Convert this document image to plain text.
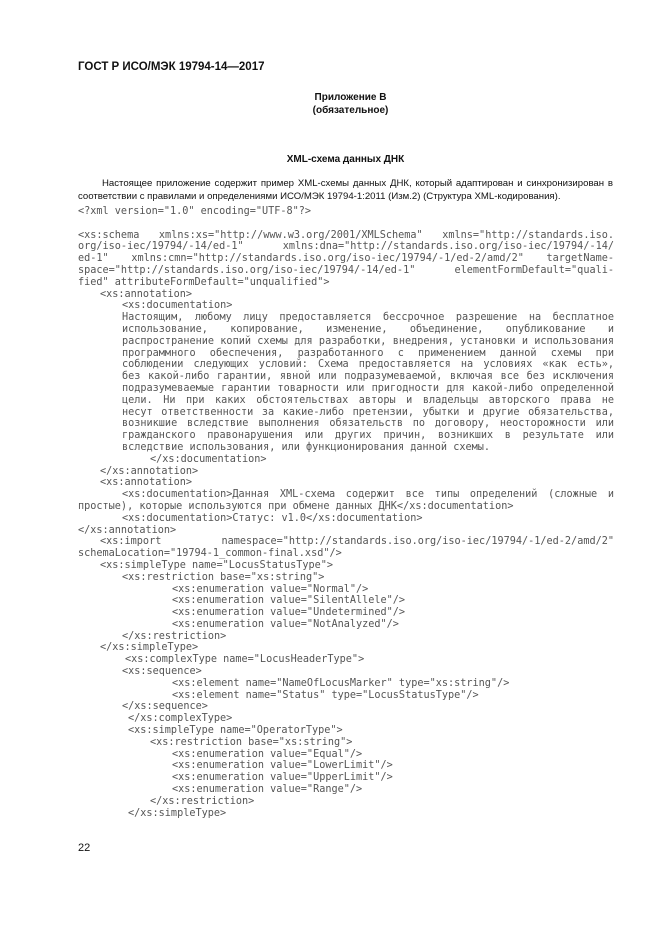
ГОСТ Р ИСО/МЭК 19794-14—2017
Приложение В
(обязательное)
XML-схема данных ДНК
Настоящее приложение содержит пример XML-схемы данных ДНК, который адаптирован и синхронизирован в соответствии с правилами и определениями ИСО/МЭК 19794-1:2011 (Изм.2) (Структура XML-кодирования).
<?xml version="1.0" encoding="UTF-8"?>
<xs:schema xmlns:xs="http://www.w3.org/2001/XMLSchema" xmlns="http://standards.iso.
org/iso-iec/19794/-14/ed-1" xmlns:dna="http://standards.iso.org/iso-iec/19794/-14/
ed-1" xmlns:cmn="http://standards.iso.org/iso-iec/19794/-1/ed-2/amd/2" targetName-
space="http://standards.iso.org/iso-iec/19794/-14/ed-1" elementFormDefault="quali-
fied" attributeFormDefault="unqualified">
<xs:annotation>
<xs:documentation>
Настоящим, любому лицу предоставляется бессрочное разрешение на бесплатное
использование, копирование, изменение, объединение, опубликование и
распространение копий схемы для разработки, внедрения, установки и использования
программного обеспечения, разработанного с применением данной схемы при
соблюдении следующих условий: Схема предоставляется на условиях «как есть»,
без какой-либо гарантии, явной или подразумеваемой, включая все без исключения
подразумеваемые гарантии товарности или пригодности для какой-либо определенной
цели. Ни при каких обстоятельствах авторы и владельцы авторского права не
несут ответственности за какие-либо претензии, убытки и другие обязательства,
возникшие вследствие выполнения обязательств по договору, неосторожности или
гражданского правонарушения или других причин, возникших в результате или
вследствие использования, или функционирования данной схемы.
</xs:documentation>
</xs:annotation>
<xs:annotation>
<xs:documentation>Данная XML-схема содержит все типы определений (сложные и
простые), которые используются при обмене данных ДНК</xs:documentation>
<xs:documentation>Статус: v1.0</xs:documentation>
</xs:annotation>
<xs:import namespace="http://standards.iso.org/iso-iec/19794/-1/ed-2/amd/2"
schemaLocation="19794-1_common-final.xsd"/>
<xs:simpleType name="LocusStatusType">
<xs:restriction base="xs:string">
<xs:enumeration value="Normal"/>
<xs:enumeration value="SilentAllele"/>
<xs:enumeration value="Undetermined"/>
<xs:enumeration value="NotAnalyzed"/>
</xs:restriction>
</xs:simpleType>
<xs:complexType name="LocusHeaderType">
<xs:sequence>
<xs:element name="NameOfLocusMarker" type="xs:string"/>
<xs:element name="Status" type="LocusStatusType"/>
</xs:sequence>
</xs:complexType>
<xs:simpleType name="OperatorType">
<xs:restriction base="xs:string">
<xs:enumeration value="Equal"/>
<xs:enumeration value="LowerLimit"/>
<xs:enumeration value="UpperLimit"/>
<xs:enumeration value="Range"/>
</xs:restriction>
</xs:simpleType>
22
